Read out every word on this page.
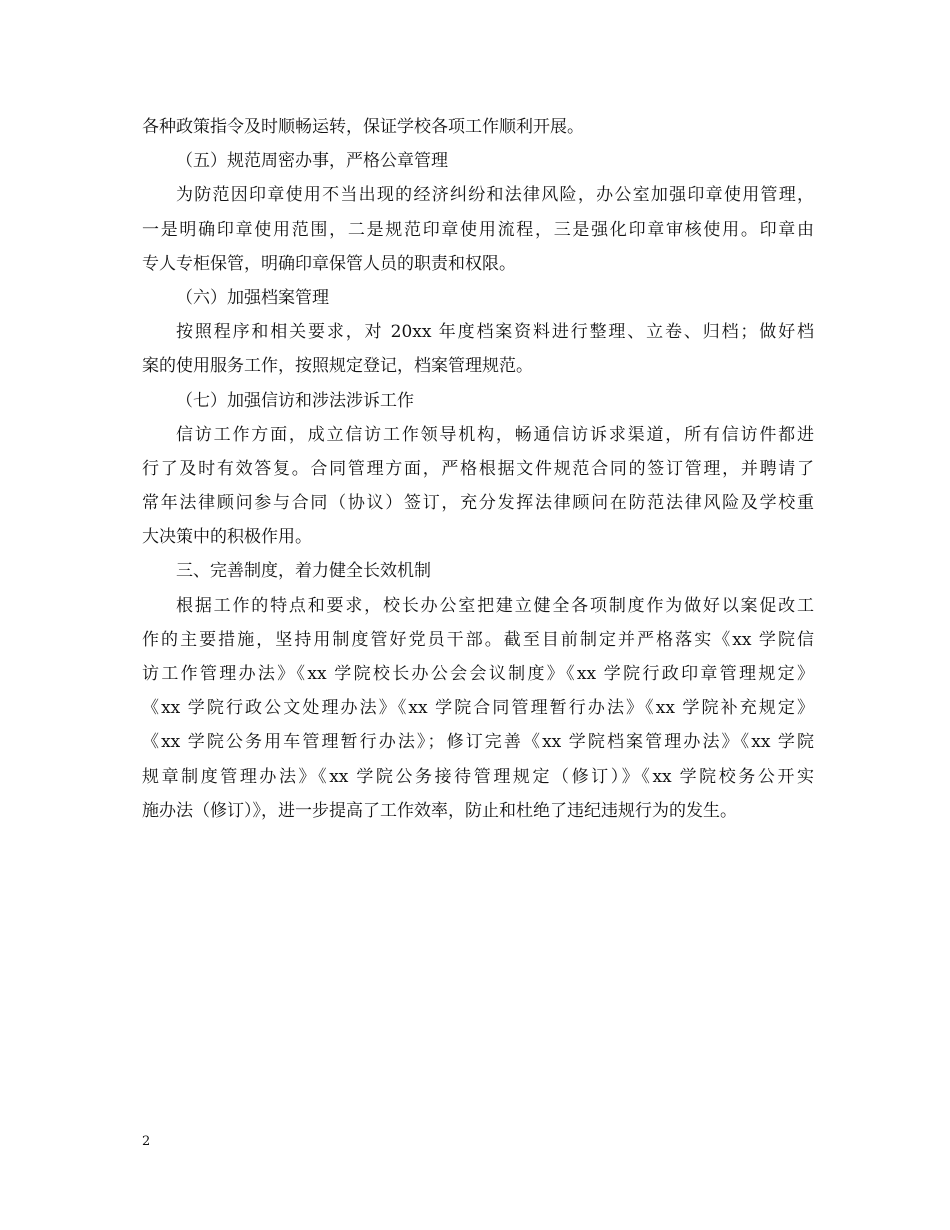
各种政策指令及时顺畅运转，保证学校各项工作顺利开展。
（五）规范周密办事，严格公章管理
为防范因印章使用不当出现的经济纠纷和法律风险，办公室加强印章使用管理，
一是明确印章使用范围，二是规范印章使用流程，三是强化印章审核使用。印章由
专人专柜保管，明确印章保管人员的职责和权限。
（六）加强档案管理
按照程序和相关要求，对 20xx 年度档案资料进行整理、立卷、归档；做好档
案的使用服务工作，按照规定登记，档案管理规范。
（七）加强信访和涉法涉诉工作
信访工作方面，成立信访工作领导机构，畅通信访诉求渠道，所有信访件都进
行了及时有效答复。合同管理方面，严格根据文件规范合同的签订管理，并聘请了
常年法律顾问参与合同（协议）签订，充分发挥法律顾问在防范法律风险及学校重
大决策中的积极作用。
三、完善制度，着力健全长效机制
根据工作的特点和要求，校长办公室把建立健全各项制度作为做好以案促改工
作的主要措施，坚持用制度管好党员干部。截至目前制定并严格落实《xx 学院信
访工作管理办法》《xx 学院校长办公会会议制度》《xx 学院行政印章管理规定》
《xx 学院行政公文处理办法》《xx 学院合同管理暂行办法》《xx 学院补充规定》
《xx 学院公务用车管理暂行办法》；修订完善《xx 学院档案管理办法》《xx 学院
规章制度管理办法》《xx 学院公务接待管理规定（修订）》《xx 学院校务公开实
施办法（修订）》，进一步提高了工作效率，防止和杜绝了违纪违规行为的发生。
2
